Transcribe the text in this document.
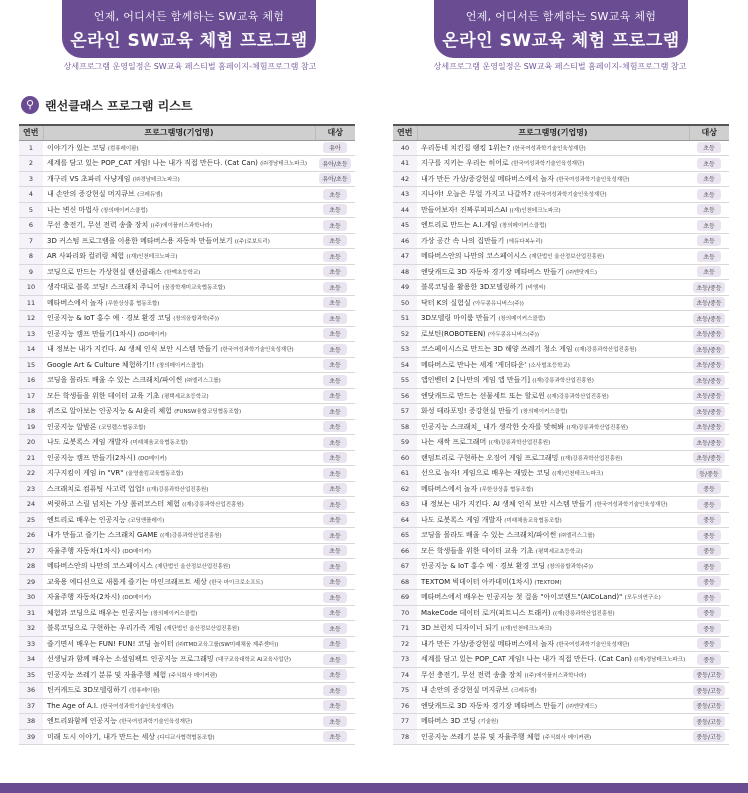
언제, 어디서든 함께하는 SW교육 체험
온라인 SW교육 체험 프로그램
상세프로그램 운영일정은 SW교육 페스티벌 홈페이지-체험프로그램 참고
언제, 어디서든 함께하는 SW교육 체험
온라인 SW교육 체험 프로그램
상세프로그램 운영일정은 SW교육 페스티벌 홈페이지-체험프로그램 참고
⚲ 랜선클래스 프로그램 리스트
연번	프로그램명(기업명)	대상
1	이야기가 있는 코딩 (컴퓨레이팜)	유아
2	세계를 담고 있는 POP_CAT 게임! 나는 내가 직접 만든다. (Cat Can) (㈜경남테크노파크)	유아/초등
3	개구리 VS 초파리 사냥게임 (㈜경남테크노파크)	유아/초등
4	내 손안의 증강현실 머지큐브 (크레듀엠)	초등
5	나는 변신 마법사 (창의메이커스클럽)	초등
6	무선 충전기, 무선 전력 송출 장치 ((주)에이플러스과학나라)	초등
7	3D 커스텀 프로그램을 이용한 메타버스용 자동차 만들어보기 ((주)로보트리)	초등
8	AR 사파리와 컬러링 체험 ((재)인천테크노파크)	초등
9	코딩으로 만드는 가상현실 랜선클래스 (한맥초등학교)	초등
10	생각대로 블록 코딩! 스크래치 주니어 (꿈장학재미교육협동조합)	초등
11	메타버스에서 놀자 (무한상상홈 협동조합)	초등
12	인공지능 & IoT 홍수 예 · 경보 환경 코딩 (창의융합과학(주))	초등
13	인공지능 캠프 만들기(1차시) (DO메이커)	초등
14	내 정보는 내가 지킨다. AI 생체 인식 보안 시스템 만들기 (한국여성과학기술인육성재단)	초등
15	Google Art & Culture 체험하기!! (창의메이커스클럽)	초등
16	코딩을 몰라도 배울 수 있는 스크래치/파이썬 (㈜엘리스그룹)	초등
17	모든 학생들을 위한 데이터 교육 기초 (평택세교초등학교)	초등
18	퀴즈로 알아보는 인공지능 & AI윤리 체험 (FUNSW융합코딩협동조합)	초등
19	인공지능 알밤론 (코딩랩스협동조합)	초등
20	나도 로봇록스 게임 개발자 (미래채움교육협동조합)	초등
21	인공지능 캠프 만들기(2차시) (DO메이커)	초등
22	지구지킴이 게임 in "VR" (울영솔킴교육협동조합)	초등
23	스크래치로 컴퓨팅 사고력 업업! ((재)강릉과학산업진흥원)	초등
24	써릿하고 스릴 넘치는 가상 롤러코스터 체험 ((재)강릉과학산업진흥원)	초등
25	엔트리로 배우는 인공지능 (코딩앤플레이)	초등
26	내가 만들고 즐기는 스크래치 GAME ((재)강릉과학산업진흥원)	초등
27	자율주행 자동차(1차시) (DO메이커)	초등
28	메타버스안의 나만의 코스페이시스 (재단법인 울산정보산업진흥원)	초등
29	교육용 에디션으로 새롭게 즐기는 마인크래프트 세상 (한국 마이크로소프트)	초등
30	자율주행 자동차(2차시) (DO메이커)	초등
31	체험과 코딩으로 배우는 인공지능 (창의메이커스클럽)	초등
32	블록코딩으로 구현하는 우리가족 게임 (재단법인 울산정보산업진흥원)	초등
33	즐기면서 배우는 FUN! FUN! 코딩 놀이터 (㈜ITMD교육그룹(SW미래채움 제주센터))	초등
34	선생님과 함께 배우는 소셜임팩트 인공지능 프로그래밍 (대구교육대학교 AI교육사업단)	초등
35	인공지능 쓰레기 분류 및 자율주행 체험 (주식회사 메이커랜)	초등
36	틴커캐드로 3D모델링하기 (컴퓨레이팜)	초등
37	The Age of A.I. (한국여성과학기술인육성재단)	초등
38	엔트리와함께 인공지능 (한국여성과학기술인육성재단)	초등
39	미래 도시 이야기, 내가 만드는 세상 (디디교사협력협동조합)	초등
연번	프로그램명(기업명)	대상
40	우리동네 치킨집 랭킹 1위는? (한국여성과학기술인육성재단)	초등
41	지구를 지키는 우리는 히어로 (한국여성과학기술인육성재단)	초등
42	내가 만든 가상/증강현실 메타버스에서 놀자 (한국여성과학기술인육성재단)	초등
43	지나야! 오늘은 무얼 가지고 나갈까? (한국여성과학기술인육성재단)	초등
44	만들어보자! 진짜루피피스AI ((재)인천테크노파크)	초등
45	엔트리로 만드는 A.I.게임 (창의메이커스클럽)	초등
46	가상 공간 속 나의 집만들기 (에듀다복누리)	초등
47	메타버스안의 나만의 코스페이시스 (재단법인 울산정보산업진흥원)	초등
48	엔닷캐드로 3D 자동차 경기장 메타버스 만들기 (㈜엔닷캐드)	초등
49	블록코딩을 활용한 3D모델링하기 (비엠씨)	초등/중등
50	닥터 K의 실험실 (아두콩유니버스(주))	초등/중등
51	3D모델링 마이룸 만들기 (창의메이커스클럽)	초등/중등
52	로보틴(ROBOTEEN) (아두콩유니버스(주))	초등/중등
53	코스페이시스로 만드는 3D 해양 쓰레기 청소 게임 ((재)강릉과학산업진흥원)	초등/중등
54	메타버스로 만나는 세계 '게더타운' (소사벌초등학교)	초등/중등
55	앱인벤터 2 [나만의 게임 앱 만들기] ((재)강릉과학산업진흥원)	초등/중등
56	엔닷캐드로 만드는 선물세트 또는 할로윈 ((재)강릉과학산업진흥원)	초등/중등
57	화성 테라포밍! 증강현실 만들기 (창의메이커스클럽)	초등/중등
58	인공지능 스크래치_ 내가 생각한 숫자를 맞혀봐 ((재)강릉과학산업진흥원)	초등/중등
59	나는 새싹 프로그래머 ((재)강릉과학산업진흥원)	초등/중등
60	랜덤트리로 구현하는 오징어 게임 프로그래밍 ((재)강릉과학산업진흥원)	초등/중등
61	선으로 놀자! 게임으로 배우는 재밌는 코딩 ((재)인천테크노파크)	등/중등
62	메타버스에서 놀자 (무한상상홈 협동조합)	중등
63	내 정보는 내가 지킨다. AI 생체 인식 보안 시스템 만들기 (한국여성과학기술인육성재단)	중등
64	나도 로봇록스 게임 개발자 (미래채움교육협동조합)	중등
65	코딩을 몰라도 배울 수 있는 스크래치/파이썬 (㈜엘리스그룹)	중등
66	모든 학생들을 위한 데이터 교육 기초 (평택세교초등학교)	중등
67	인공지능 & IoT 홍수 예 · 경보 환경 코딩 (창의융합과학(주))	중등
68	TEXTOM 빅데이터 아카데미(1차시) (TEXTOM)	중등
69	메타버스에서 배우는 인공지능 첫 걸음 "아이코랜드"(AICoLand)" (모두의연구소)	중등
70	MakeCode 데이터 로거(피트니스 트래커) ((재)강릉과학산업진흥원)	중등
71	3D 브런치 디자이너 되기 ((재)인천테크노파크)	중등
72	내가 만든 가상/증강현실 메타버스에서 놀자 (한국여성과학기술인육성재단)	중등
73	세계를 담고 있는 POP_CAT 게임! 나는 내가 직접 만든다. (Cat Can) ((재)경남테크노파크)	중등
74	무선 충전기, 무선 전력 송출 장치 ((주)에이플러스과학나라)	중등/고등
75	내 손안의 증강현실 머지큐브 (크레듀엠)	중등/고등
76	엔닷캐드로 3D 자동차 경기장 메타버스 만들기 (㈜엔닷캐드)	중등/고등
77	메타버스 3D 코딩 (기술원)	중등/고등
78	인공지능 쓰레기 분류 및 자율주행 체험 (주식회사 메이커랜)	중등/고등
